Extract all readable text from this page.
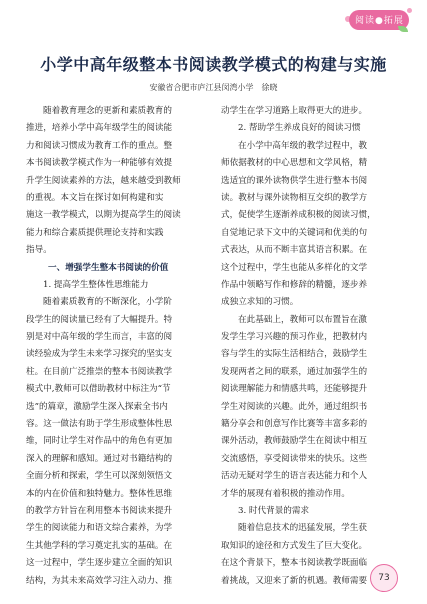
阅读●拓展
小学中高年级整本书阅读教学模式的构建与实施
安徽省合肥市庐江县闵湾小学　徐晓
随着教育理念的更新和素质教育的
推进，培养小学中高年级学生的阅读能
力和阅读习惯成为教育工作的重点。整
本书阅读教学模式作为一种能够有效提
升学生阅读素养的方法，越来越受到教师
的重视。本文旨在探讨如何构建和实
施这一教学模式，以期为提高学生的阅读
能力和综合素质提供理论支持和实践
指导。
一、增强学生整本书阅读的价值
1. 提高学生整体性思维能力
随着素质教育的不断深化，小学阶
段学生的阅读量已经有了大幅提升。特
别是对中高年级的学生而言，丰富的阅
读经验成为学生未来学习探究的坚实支
柱。在目前广泛推崇的整本书阅读教学
模式中,教师可以借助教材中标注为“节
选”的篇章，激励学生深入探索全书内
容。这一做法有助于学生形成整体性思
维，同时让学生对作品中的角色有更加
深入的理解和感知。通过对书籍结构的
全面分析和探索，学生可以深刻领悟文
本的内在价值和独特魅力。整体性思维
的教学方针旨在利用整本书阅读来提升
学生的阅读能力和语文综合素养，为学
生其他学科的学习奠定扎实的基础。在
这一过程中，学生逐步建立全面的知识
结构，为其未来高效学习注入动力、推
动学生在学习道路上取得更大的进步。
2. 帮助学生养成良好的阅读习惯
在小学中高年级的教学过程中，教
师依据教材的中心思想和文学风格，精
选适宜的课外读物供学生进行整本书阅
读。教材与课外读物相互交织的教学方
式，促使学生逐渐养成积极的阅读习惯，
自觉地记录下文中的关键词和优美的句
式表达，从而不断丰富其语言积累。在
这个过程中，学生也能从多样化的文学
作品中领略写作和修辞的精髓，逐步养
成独立求知的习惯。
在此基础上，教师可以布置旨在激
发学生学习兴趣的预习作业，把教材内
容与学生的实际生活相结合，鼓励学生
发现两者之间的联系，通过加强学生的
阅读理解能力和情感共鸣，还能够提升
学生对阅读的兴趣。此外，通过组织书
籍分享会和创意写作比赛等丰富多彩的
课外活动，教师鼓励学生在阅读中相互
交流感悟，享受阅读带来的快乐。这些
活动无疑对学生的语言表达能力和个人
才华的展现有着积极的推动作用。
3. 时代背景的需求
随着信息技术的迅猛发展，学生获
取知识的途径和方式发生了巨大变化。
在这个背景下，整本书阅读教学既面临
着挑战，又迎来了新的机遇。教师需要	73
